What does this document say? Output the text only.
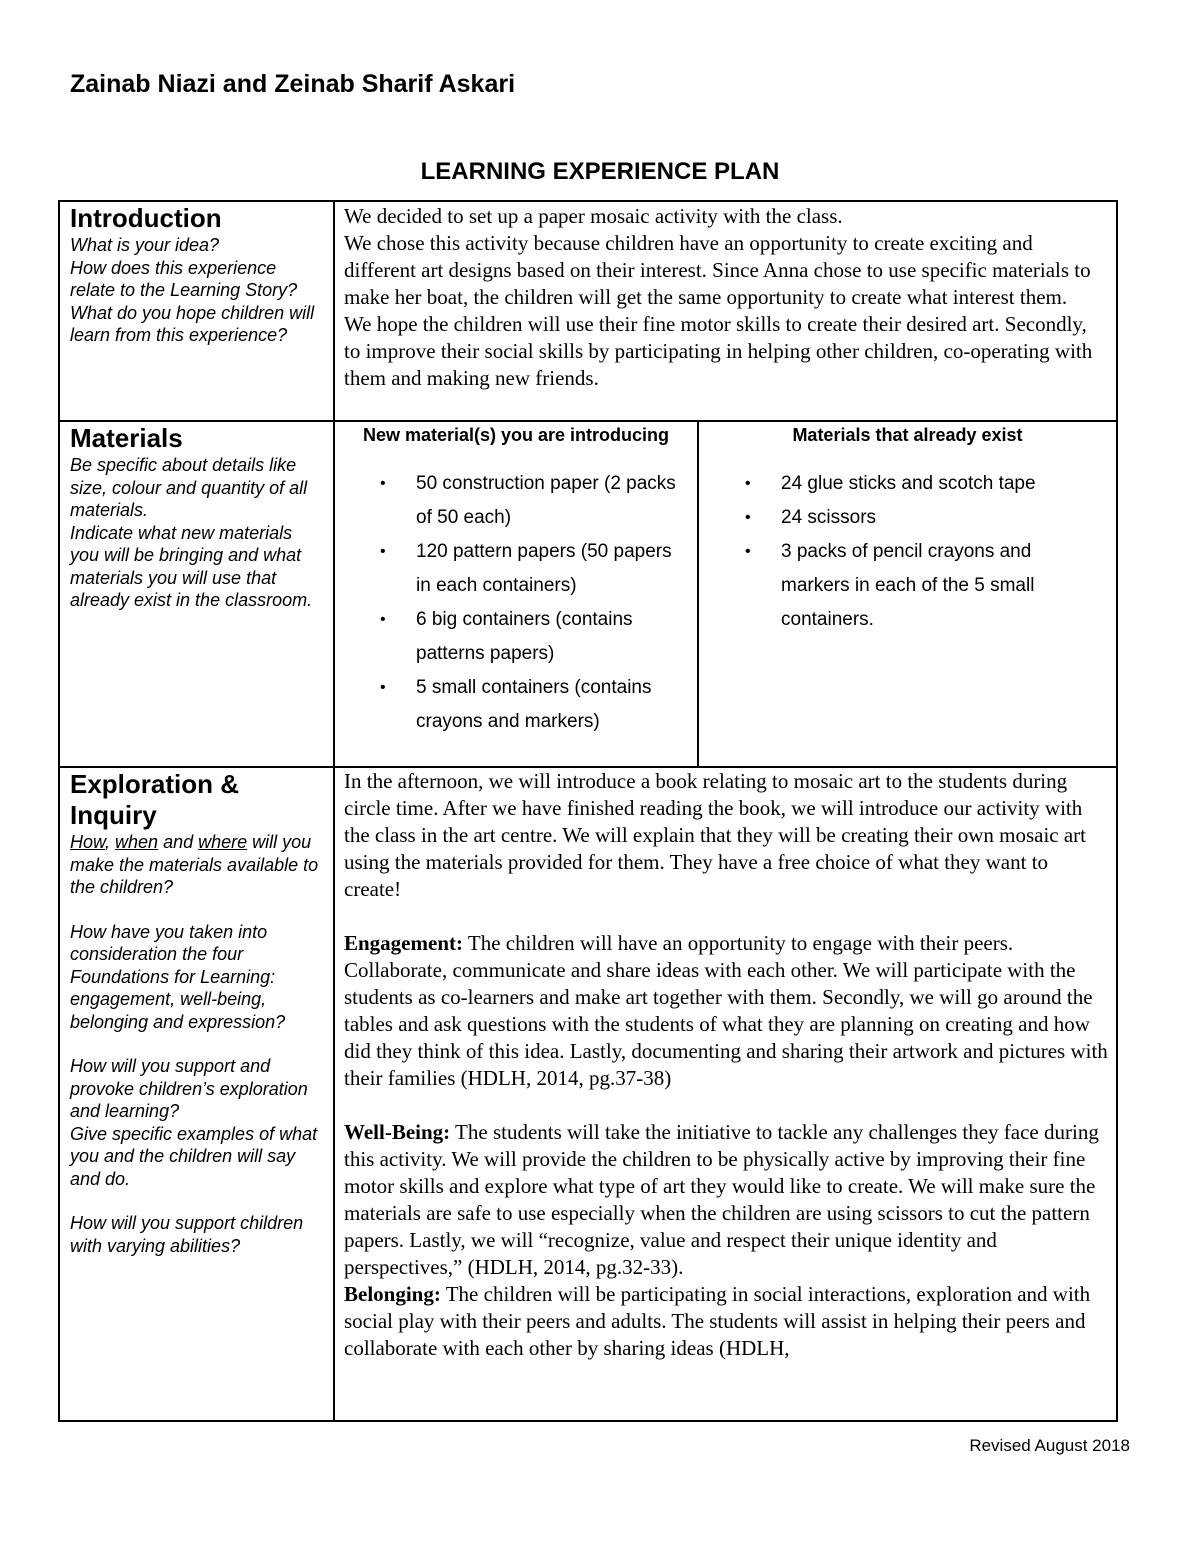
Zainab Niazi and Zeinab Sharif Askari
LEARNING EXPERIENCE PLAN
Introduction

What is your idea?

How does this experience relate to the Learning Story?

What do you hope children will learn from this experience?

We decided to set up a paper mosaic activity with the class.

We chose this activity because children have an opportunity to create exciting and different art designs based on their interest. Since Anna chose to use specific materials to make her boat, the children will get the same opportunity to create what interest them.

We hope the children will use their fine motor skills to create their desired art. Secondly, to improve their social skills by participating in helping other children, co-operating with them and making new friends.

Materials

Be specific about details like size, colour and quantity of all materials.

Indicate what new materials you will be bringing and what materials you will use that already exist in the classroom.

New material(s) you are introducing
• 50 construction paper (2 packs of 50 each)
• 120 pattern papers (50 papers in each containers)
• 6 big containers (contains patterns papers)
• 5 small containers (contains crayons and markers)
Materials that already exist
• 24 glue sticks and scotch tape
• 24 scissors
• 3 packs of pencil crayons and markers in each of the 5 small containers.
Exploration &
Inquiry

How, when and where will you make the materials available to the children?

How have you taken into consideration the four Foundations for Learning: engagement, well-being, belonging and expression?

How will you support and provoke children’s exploration and learning?

Give specific examples of what you and the children will say and do.

How will you support children with varying abilities?

In the afternoon, we will introduce a book relating to mosaic art to the students during circle time. After we have finished reading the book, we will introduce our activity with the class in the art centre. We will explain that they will be creating their own mosaic art using the materials provided for them. They have a free choice of what they want to create!

Engagement: The children will have an opportunity to engage with their peers. Collaborate, communicate and share ideas with each other. We will participate with the students as co-learners and make art together with them. Secondly, we will go around the tables and ask questions with the students of what they are planning on creating and how did they think of this idea. Lastly, documenting and sharing their artwork and pictures with their families (HDLH, 2014, pg.37-38)

Well-Being: The students will take the initiative to tackle any challenges they face during this activity. We will provide the children to be physically active by improving their fine motor skills and explore what type of art they would like to create. We will make sure the materials are safe to use especially when the children are using scissors to cut the pattern papers. Lastly, we will “recognize, value and respect their unique identity and perspectives,” (HDLH, 2014, pg.32-33).

Belonging: The children will be participating in social interactions, exploration and with social play with their peers and adults. The students will assist in helping their peers and collaborate with each other by sharing ideas (HDLH,

Revised August 2018
